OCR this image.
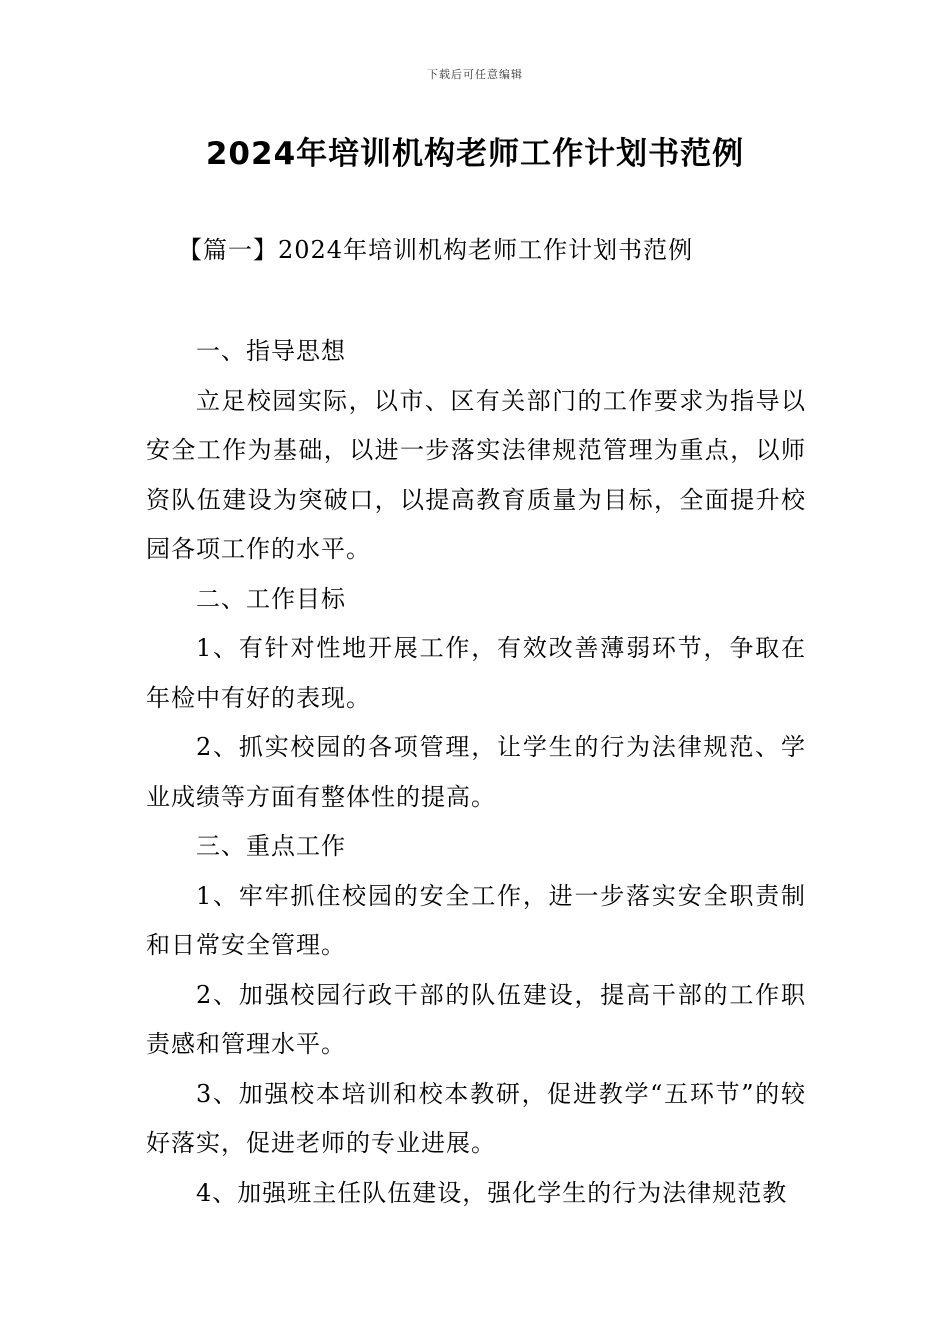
下载后可任意编辑
2024年培训机构老师工作计划书范例
【篇一】2024年培训机构老师工作计划书范例

一、指导思想

立足校园实际，以市、区有关部门的工作要求为指导以安全工作为基础，以进一步落实法律规范管理为重点，以师资队伍建设为突破口，以提高教育质量为目标，全面提升校园各项工作的水平。

二、工作目标

1、有针对性地开展工作，有效改善薄弱环节，争取在年检中有好的表现。

2、抓实校园的各项管理，让学生的行为法律规范、学业成绩等方面有整体性的提高。

三、重点工作

1、牢牢抓住校园的安全工作，进一步落实安全职责制和日常安全管理。

2、加强校园行政干部的队伍建设，提高干部的工作职责感和管理水平。

3、加强校本培训和校本教研，促进教学“五环节”的较好落实，促进老师的专业进展。

4、加强班主任队伍建设，强化学生的行为法律规范教
